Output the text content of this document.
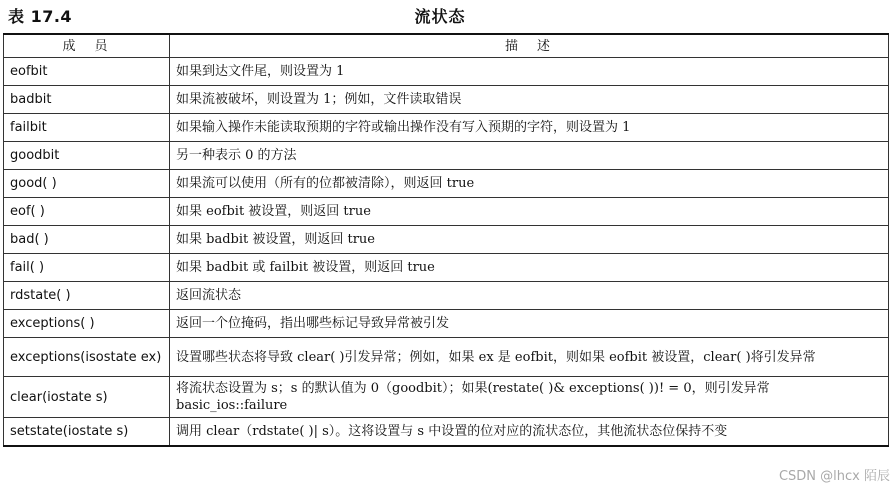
表 17.4	流状态
成　员	描　述
eofbit	如果到达文件尾，则设置为 1
badbit	如果流被破坏，则设置为 1；例如，文件读取错误
failbit	如果输入操作未能读取预期的字符或输出操作没有写入预期的字符，则设置为 1
goodbit	另一种表示 0 的方法
good( )	如果流可以使用（所有的位都被清除），则返回 true
eof( )	如果 eofbit 被设置，则返回 true
bad( )	如果 badbit 被设置，则返回 true
fail( )	如果 badbit 或 failbit 被设置，则返回 true
rdstate( )	返回流状态
exceptions( )	返回一个位掩码，指出哪些标记导致异常被引发
exceptions(isostate ex)	设置哪些状态将导致 clear( )引发异常；例如，如果 ex 是 eofbit，则如果 eofbit 被设置，clear( )将引发异常
clear(iostate s)	将流状态设置为 s；s 的默认值为 0（goodbit）；如果(restate( )& exceptions( ))! = 0，则引发异常 basic_ios::failure
setstate(iostate s)	调用 clear（rdstate( )| s）。这将设置与 s 中设置的位对应的流状态位，其他流状态位保持不变
CSDN @lhcx 陌辰
